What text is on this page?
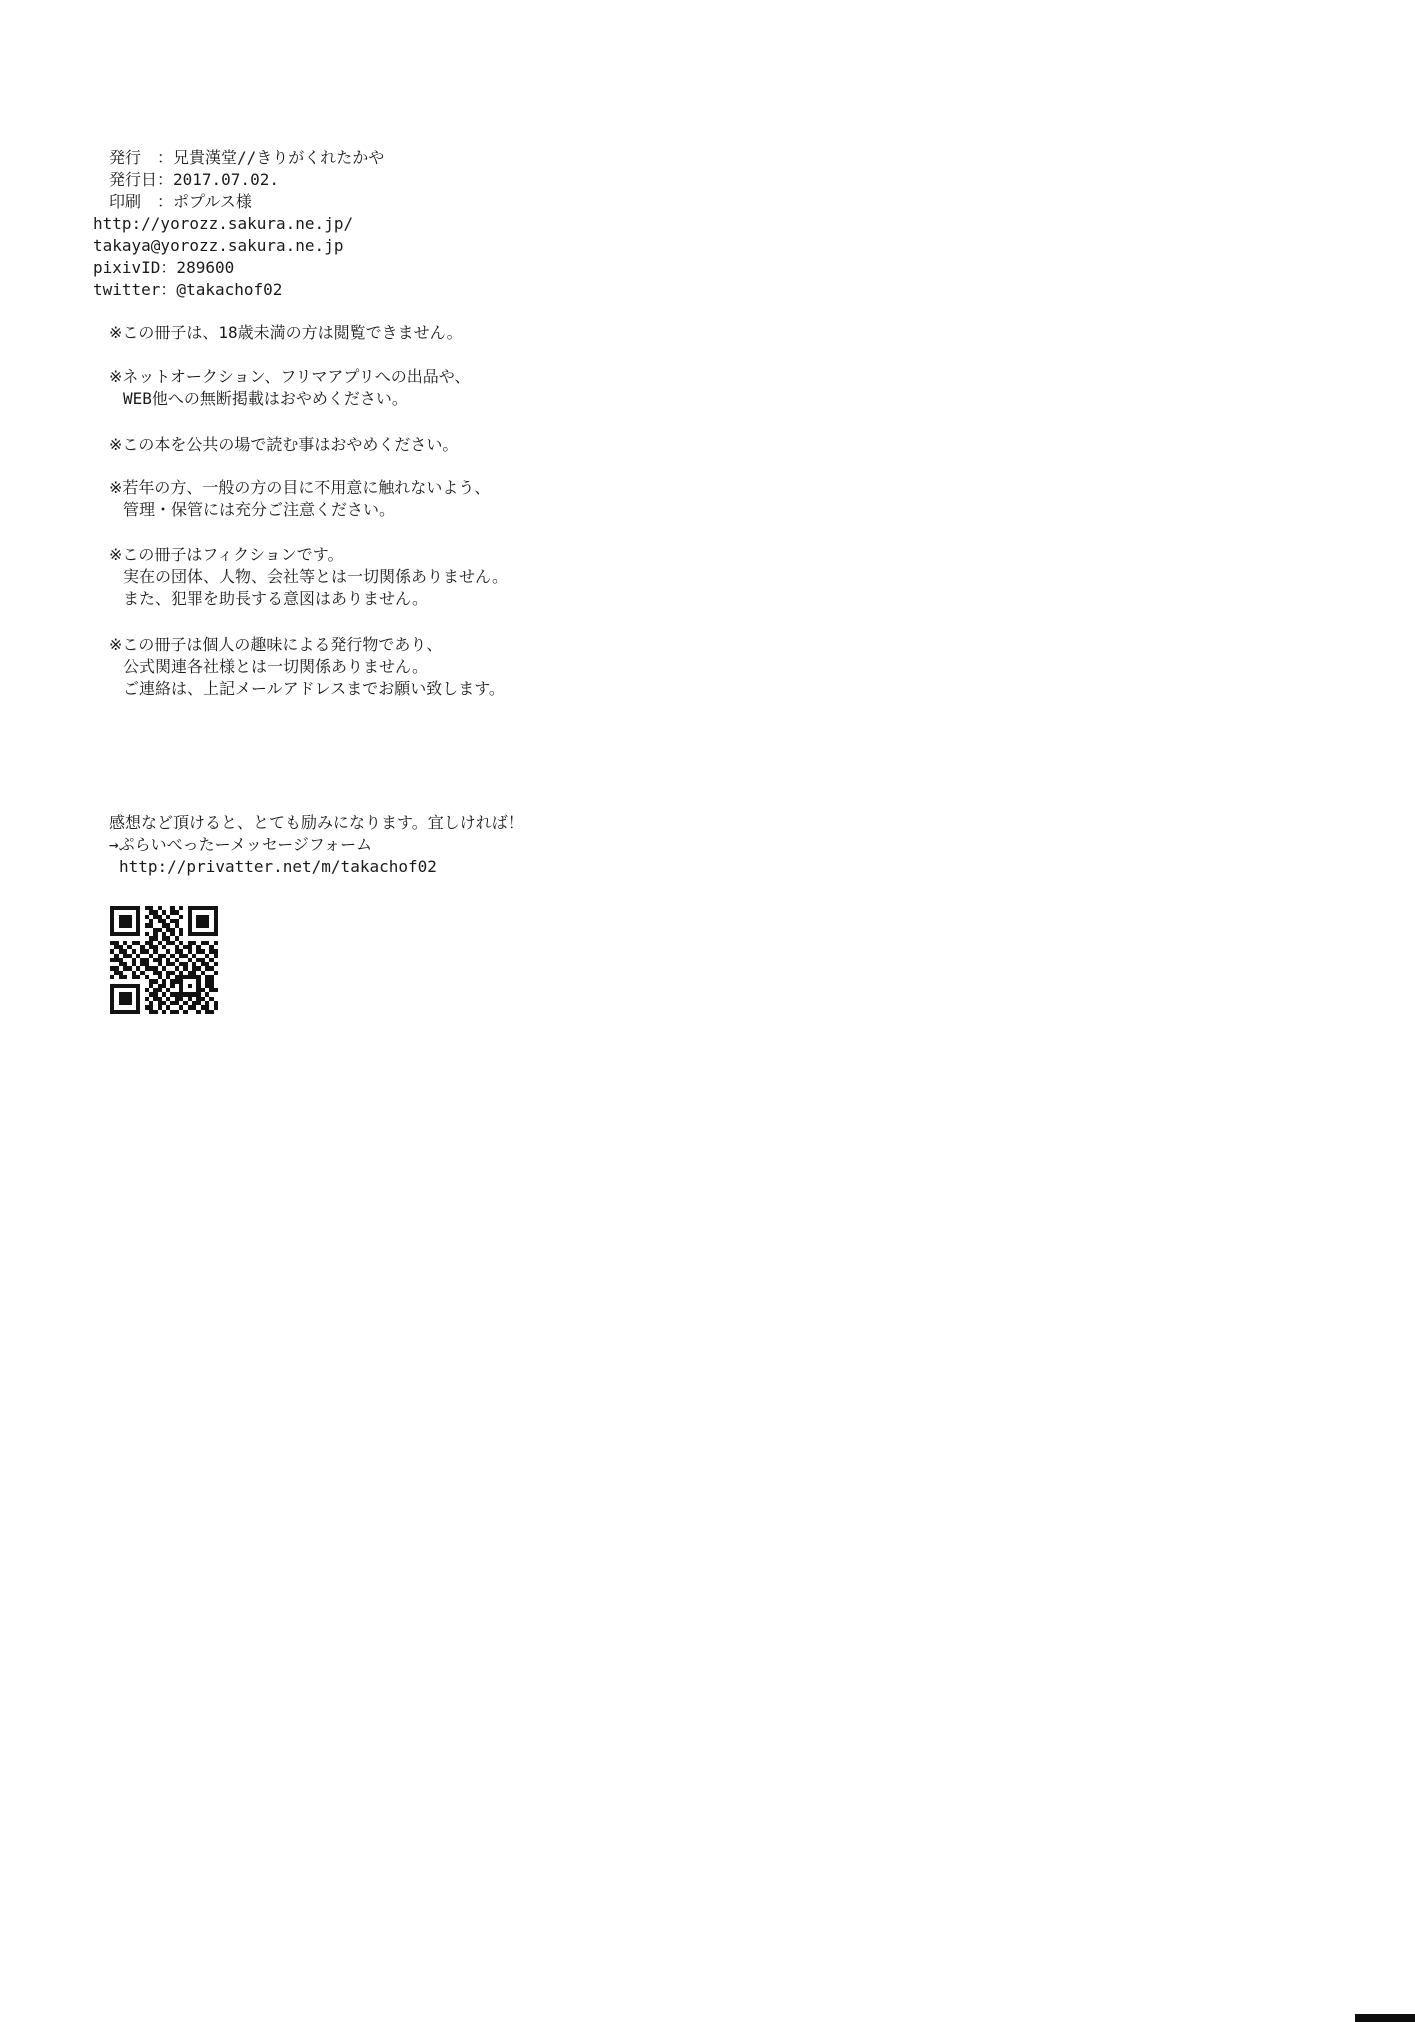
発行　：兄貴漢堂//きりがくれたかや
発行日：2017.07.02.
印刷　：ポプルス様
http://yorozz.sakura.ne.jp/
takaya@yorozz.sakura.ne.jp
pixivID：289600
twitter：@takachof02
※この冊子は、18歳未満の方は閲覧できません。
※ネットオークション、フリマアプリへの出品や、
WEB他への無断掲載はおやめください。
※この本を公共の場で読む事はおやめください。
※若年の方、一般の方の目に不用意に触れないよう、
管理・保管には充分ご注意ください。
※この冊子はフィクションです。
実在の団体、人物、会社等とは一切関係ありません。
また、犯罪を助長する意図はありません。
※この冊子は個人の趣味による発行物であり、
公式関連各社様とは一切関係ありません。
ご連絡は、上記メールアドレスまでお願い致します。
感想など頂けると、とても励みになります。宜しければ！
→ぷらいべったーメッセージフォーム
http://privatter.net/m/takachof02
